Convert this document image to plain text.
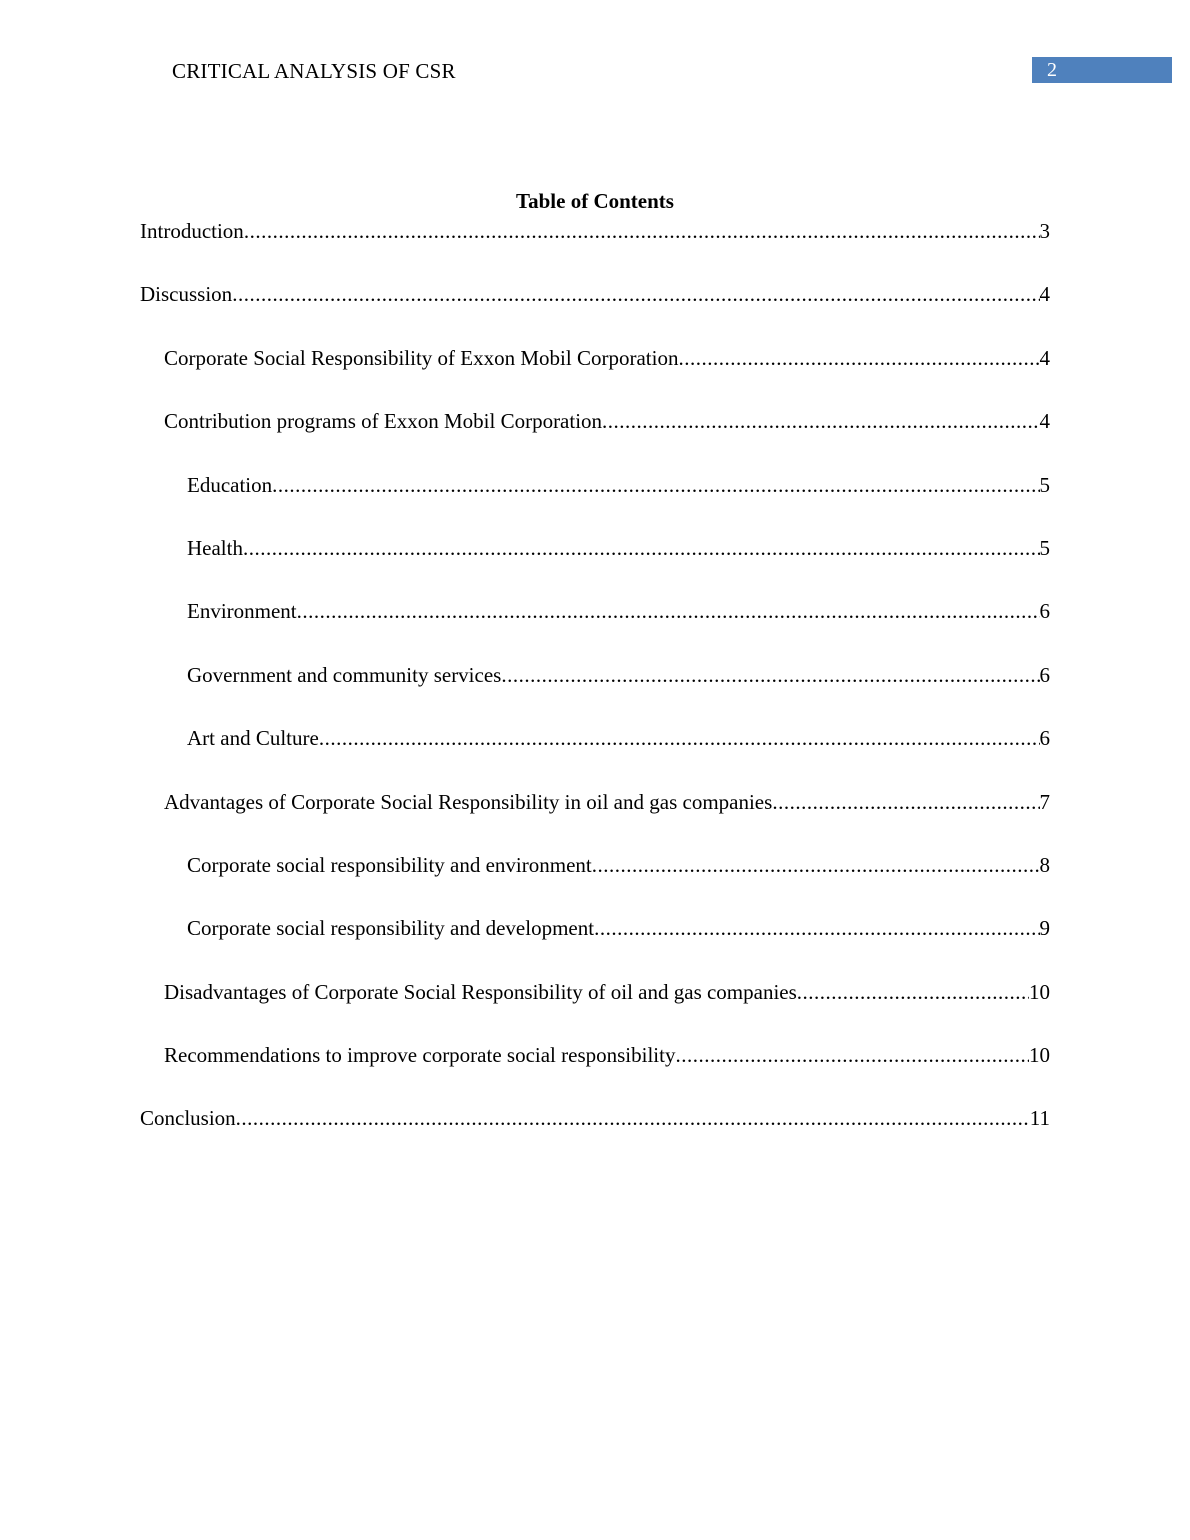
CRITICAL ANALYSIS OF CSR	2
Table of Contents
Introduction .....	3
Discussion .....	4
Corporate Social Responsibility of Exxon Mobil Corporation .....	4
Contribution programs of Exxon Mobil Corporation .....	4
Education .....	5
Health .....	5
Environment .....	6
Government and community services .....	6
Art and Culture .....	6
Advantages of Corporate Social Responsibility in oil and gas companies .....	7
Corporate social responsibility and environment .....	8
Corporate social responsibility and development .....	9
Disadvantages of Corporate Social Responsibility of oil and gas companies .....	10
Recommendations to improve corporate social responsibility .....	10
Conclusion .....	11
